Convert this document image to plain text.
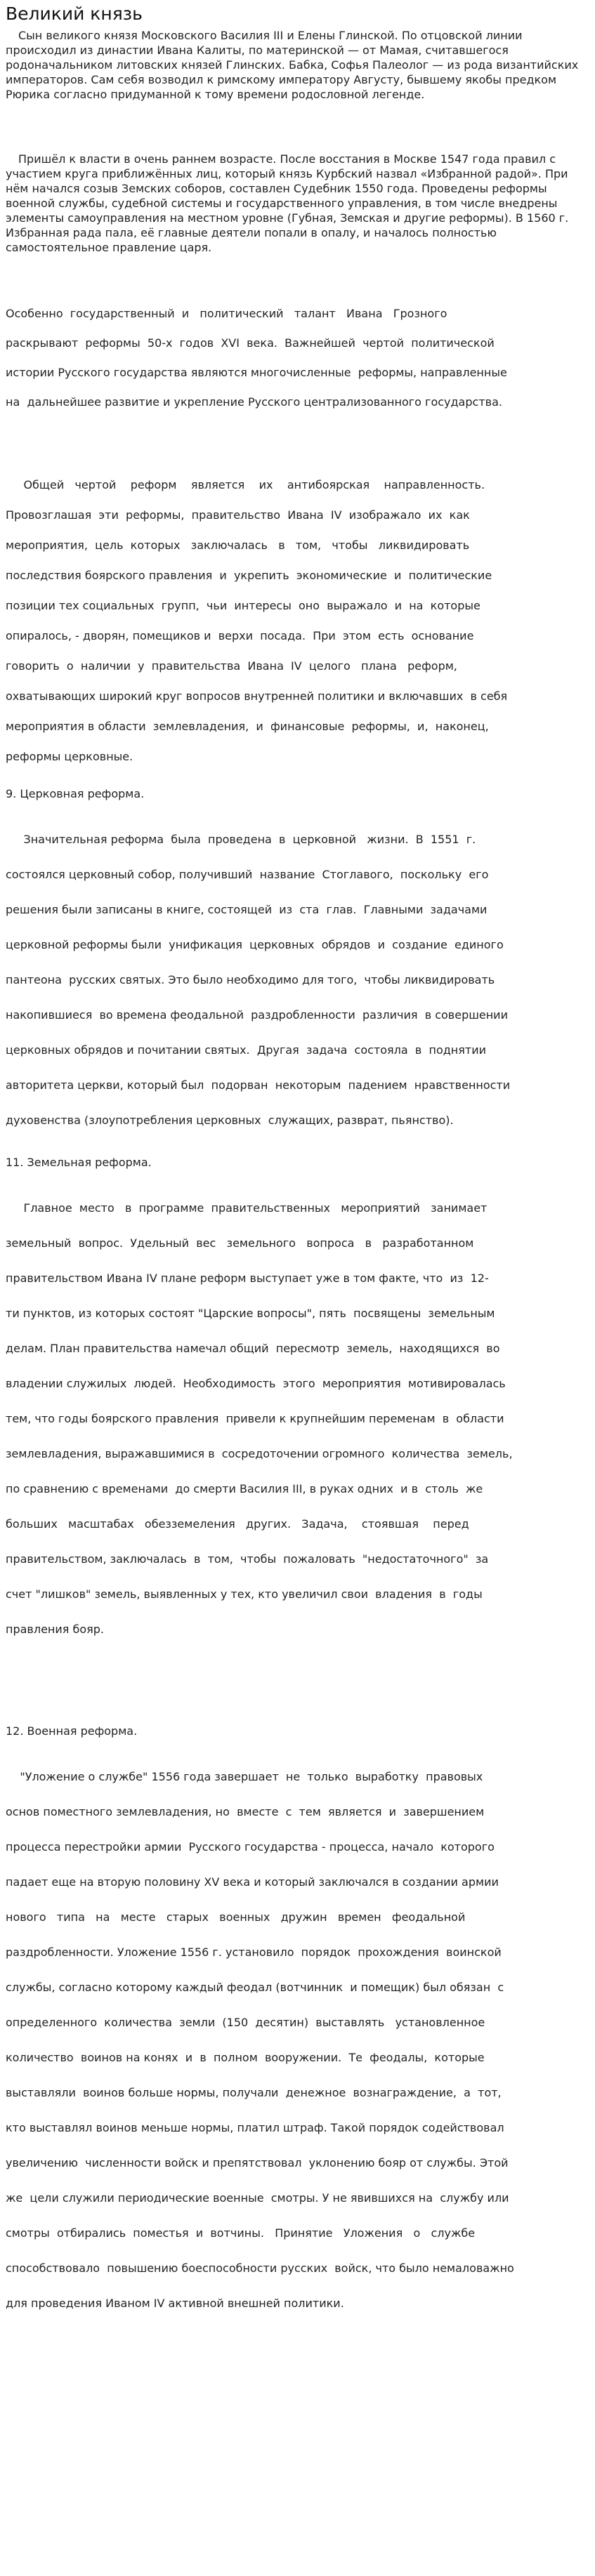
Великий князь

Сын великого князя Московского Василия III и Елены Глинской. По отцовской линии происходил из династии Ивана Калиты, по материнской — от Мамая, считавшегося родоначальником литовских князей Глинских. Бабка, Софья Палеолог — из рода византийских императоров. Сам себя возводил к римскому императору Августу, бывшему якобы предком Рюрика согласно придуманной к тому времени родословной легенде.

Пришёл к власти в очень раннем возрасте. После восстания в Москве 1547 года правил с участием круга приближённых лиц, который князь Курбский назвал «Избранной радой». При нём начался созыв Земских соборов, составлен Судебник 1550 года. Проведены реформы военной службы, судебной системы и государственного управления, в том числе внедрены элементы самоуправления на местном уровне (Губная, Земская и другие реформы). В 1560 г. Избранная рада пала, её главные деятели попали в опалу, и началось полностью самостоятельное правление царя.

Особенно  государственный  и   политический   талант   Ивана   Грозного

раскрывают  реформы  50-х  годов  XVI  века.  Важнейшей  чертой  политической

истории Русского государства являются многочисленные  реформы, направленные

на  дальнейшее развитие и укрепление Русского централизованного государства.

Общей   чертой    реформ    является    их    антибоярская    направленность.

Провозглашая  эти  реформы,  правительство  Ивана  IV  изображало  их  как

мероприятия,  цель  которых   заключалась   в   том,   чтобы   ликвидировать

последствия боярского правления  и  укрепить  экономические  и  политические

позиции тех социальных  групп,  чьи  интересы  оно  выражало  и  на  которые

опиралось, - дворян, помещиков и  верхи  посада.  При  этом  есть  основание

говорить  о  наличии  у  правительства  Ивана  IV  целого   плана   реформ,

охватывающих широкий круг вопросов внутренней политики и включавших  в себя

мероприятия в области  землевладения,  и  финансовые  реформы,  и,  наконец,

реформы церковные.

9. Церковная реформа.

Значительная реформа  была  проведена  в  церковной   жизни.  В  1551  г.

состоялся церковный собор, получивший  название  Стоглавого,  поскольку  его

решения были записаны в книге, состоящей  из  ста  глав.  Главными  задачами

церковной реформы были  унификация  церковных  обрядов  и  создание  единого

пантеона  русских святых. Это было необходимо для того,  чтобы ликвидировать

накопившиеся  во времена феодальной  раздробленности  различия  в совершении

церковных обрядов и почитании святых.  Другая  задача  состояла  в  поднятии

авторитета церкви, который был  подорван  некоторым  падением  нравственности

духовенства (злоупотребления церковных  служащих, разврат, пьянство).

11. Земельная реформа.

Главное  место   в  программе  правительственных   мероприятий   занимает

земельный  вопрос.  Удельный  вес   земельного   вопроса   в   разработанном

правительством Ивана IV плане реформ выступает уже в том факте, что  из  12-

ти пунктов, из которых состоят "Царские вопросы", пять  посвящены  земельным

делам. План правительства намечал общий  пересмотр  земель,  находящихся  во

владении служилых  людей.  Необходимость  этого  мероприятия  мотивировалась

тем, что годы боярского правления  привели к крупнейшим переменам  в  области

землевладения, выражавшимися в  сосредоточении огромного  количества  земель,

по сравнению с временами  до смерти Василия III, в руках одних  и в  столь  же

больших   масштабах   обезземеления   других.   Задача,    стоявшая    перед

правительством, заключалась  в  том,  чтобы  пожаловать  "недостаточного"  за

счет "лишков" земель, выявленных у тех, кто увеличил свои  владения  в  годы

правления бояр.

12. Военная реформа.

"Уложение о службе" 1556 года завершает  не  только  выработку  правовых

основ поместного землевладения, но  вместе  с  тем  является  и  завершением

процесса перестройки армии  Русского государства - процесса, начало  которого

падает еще на вторую половину XV века и который заключался в создании армии

нового   типа   на   месте   старых   военных   дружин   времен   феодальной

раздробленности. Уложение 1556 г. установило  порядок  прохождения  воинской

службы, согласно которому каждый феодал (вотчинник  и помещик) был обязан  с

определенного  количества  земли  (150  десятин)  выставлять   установленное

количество  воинов на конях  и  в  полном  вооружении.  Те  феодалы,  которые

выставляли  воинов больше нормы, получали  денежное  вознаграждение,  а  тот,

кто выставлял воинов меньше нормы, платил штраф. Такой порядок содействовал

увеличению  численности войск и препятствовал  уклонению бояр от службы. Этой

же  цели служили периодические военные  смотры. У не явившихся на  службу или

смотры  отбирались  поместья  и  вотчины.   Принятие   Уложения   о   службе

способствовало  повышению боеспособности русских  войск, что было немаловажно

для проведения Иваном IV активной внешней политики.
